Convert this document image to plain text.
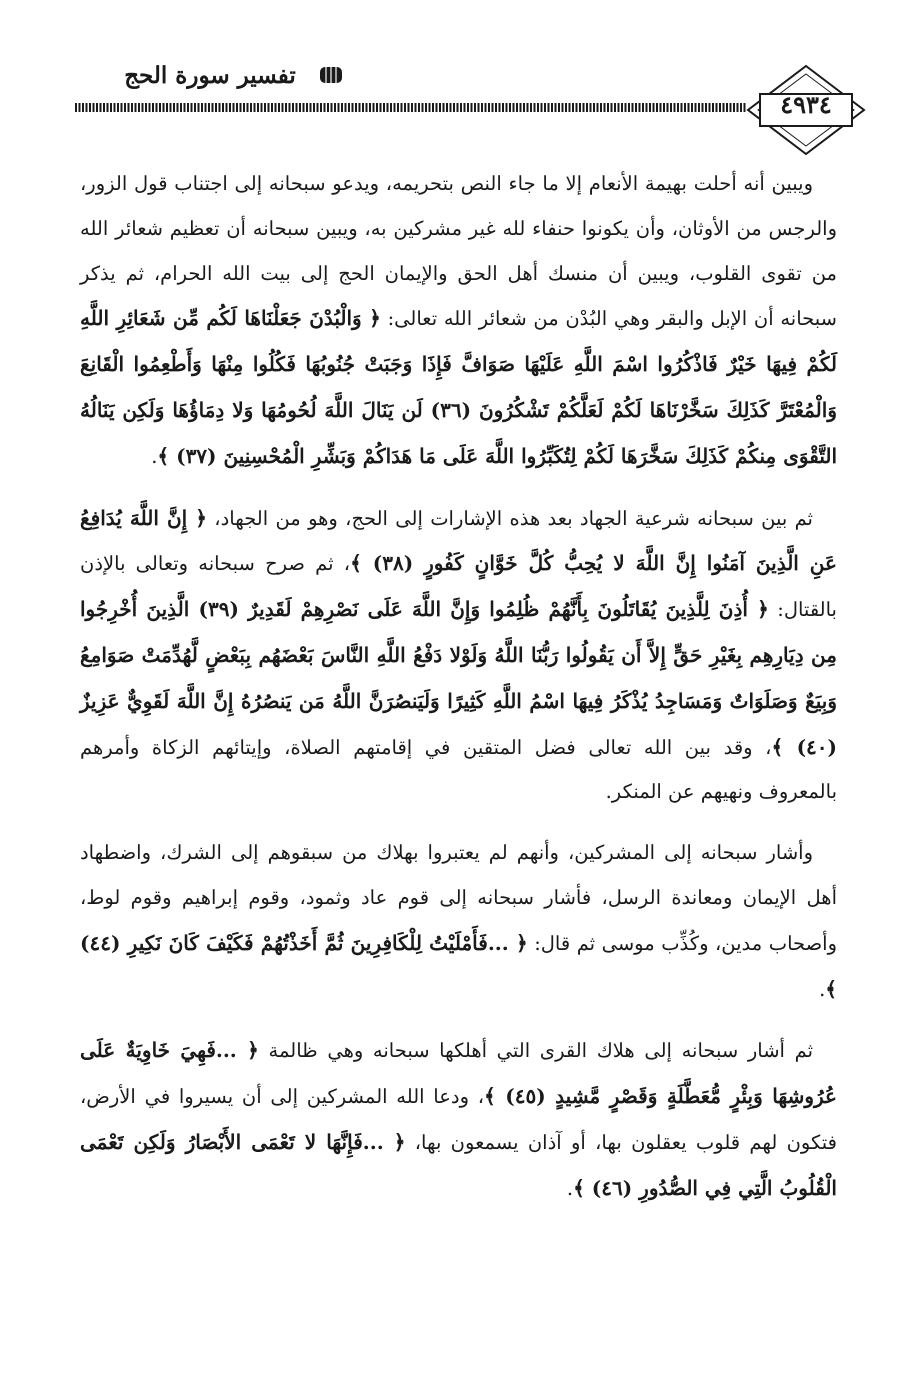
تفسير سورة الحج
٤٩٣٤

ويبين أنه أحلت بهيمة الأنعام إلا ما جاء النص بتحريمه، ويدعو سبحانه إلى اجتناب قول الزور، والرجس من الأوثان، وأن يكونوا حنفاء لله غير مشركين به، ويبين سبحانه أن تعظيم شعائر الله من تقوى القلوب، ويبين أن منسك أهل الحق والإيمان الحج إلى بيت الله الحرام، ثم يذكر سبحانه أن الإبل والبقر وهي البُدْن من شعائر الله تعالى: ﴿ وَالْبُدْنَ جَعَلْنَاهَا لَكُم مِّن شَعَائِرِ اللَّهِ لَكُمْ فِيهَا خَيْرٌ فَاذْكُرُوا اسْمَ اللَّهِ عَلَيْهَا صَوَافَّ فَإِذَا وَجَبَتْ جُنُوبُهَا فَكُلُوا مِنْهَا وَأَطْعِمُوا الْقَانِعَ وَالْمُعْتَرَّ كَذَلِكَ سَخَّرْنَاهَا لَكُمْ لَعَلَّكُمْ تَشْكُرُونَ (٣٦) لَن يَنَالَ اللَّهَ لُحُومُهَا وَلا دِمَاؤُهَا وَلَكِن يَنَالُهُ التَّقْوَى مِنكُمْ كَذَلِكَ سَخَّرَهَا لَكُمْ لِتُكَبِّرُوا اللَّهَ عَلَى مَا هَدَاكُمْ وَبَشِّرِ الْمُحْسِنِينَ (٣٧) ﴾.

ثم بين سبحانه شرعية الجهاد بعد هذه الإشارات إلى الحج، وهو من الجهاد، ﴿ إِنَّ اللَّهَ يُدَافِعُ عَنِ الَّذِينَ آمَنُوا إِنَّ اللَّهَ لا يُحِبُّ كُلَّ خَوَّانٍ كَفُورٍ (٣٨) ﴾، ثم صرح سبحانه وتعالى بالإذن بالقتال: ﴿ أُذِنَ لِلَّذِينَ يُقَاتَلُونَ بِأَنَّهُمْ ظُلِمُوا وَإِنَّ اللَّهَ عَلَى نَصْرِهِمْ لَقَدِيرٌ (٣٩) الَّذِينَ أُخْرِجُوا مِن دِيَارِهِم بِغَيْرِ حَقٍّ إِلاَّ أَن يَقُولُوا رَبُّنَا اللَّهُ وَلَوْلا دَفْعُ اللَّهِ النَّاسَ بَعْضَهُم بِبَعْضٍ لَّهُدِّمَتْ صَوَامِعُ وَبِيَعٌ وَصَلَوَاتٌ وَمَسَاجِدُ يُذْكَرُ فِيهَا اسْمُ اللَّهِ كَثِيرًا وَلَيَنصُرَنَّ اللَّهُ مَن يَنصُرُهُ إِنَّ اللَّهَ لَقَوِيٌّ عَزِيزٌ (٤٠) ﴾، وقد بين الله تعالى فضل المتقين في إقامتهم الصلاة، وإيتائهم الزكاة وأمرهم بالمعروف ونهيهم عن المنكر.

وأشار سبحانه إلى المشركين، وأنهم لم يعتبروا بهلاك من سبقوهم إلى الشرك، واضطهاد أهل الإيمان ومعاندة الرسل، فأشار سبحانه إلى قوم عاد وثمود، وقوم إبراهيم وقوم لوط، وأصحاب مدين، وكُذِّب موسى ثم قال: ﴿ ...فَأَمْلَيْتُ لِلْكَافِرِينَ ثُمَّ أَخَذْتُهُمْ فَكَيْفَ كَانَ نَكِيرِ (٤٤) ﴾.

ثم أشار سبحانه إلى هلاك القرى التي أهلكها سبحانه وهي ظالمة ﴿ ...فَهِيَ خَاوِيَةٌ عَلَى عُرُوشِهَا وَبِئْرٍ مُّعَطَّلَةٍ وَقَصْرٍ مَّشِيدٍ (٤٥) ﴾، ودعا الله المشركين إلى أن يسيروا في الأرض، فتكون لهم قلوب يعقلون بها، أو آذان يسمعون بها، ﴿ ...فَإِنَّهَا لا تَعْمَى الأَبْصَارُ وَلَكِن تَعْمَى الْقُلُوبُ الَّتِي فِي الصُّدُورِ (٤٦) ﴾.
